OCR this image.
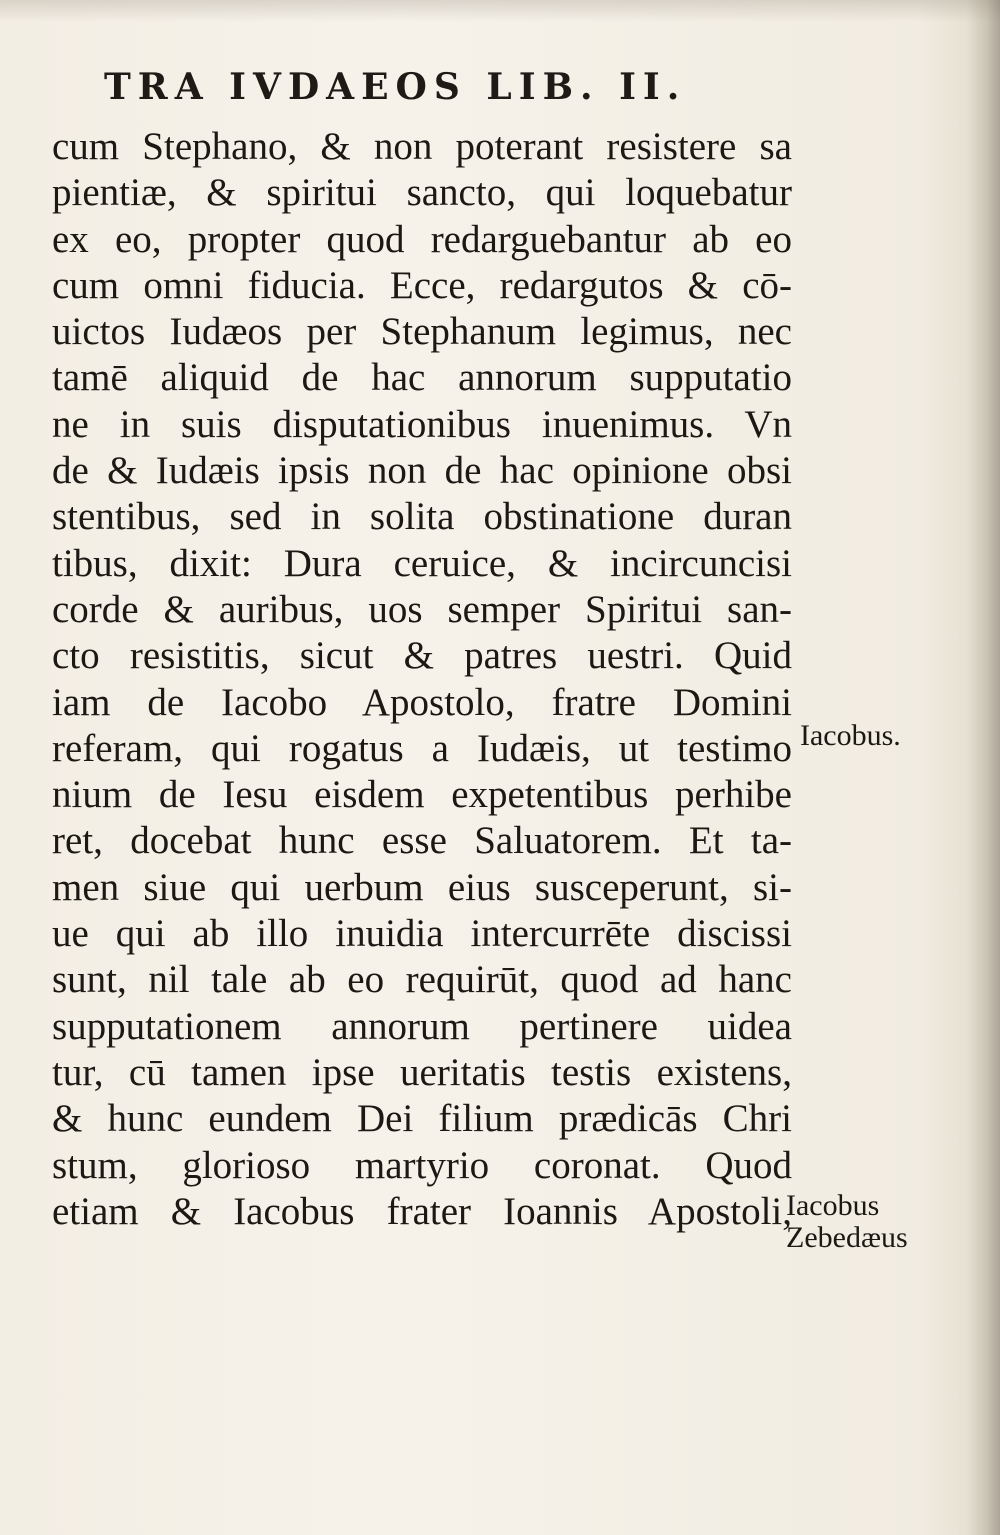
TRA IVDAEOS LIB. II.
cum Stephano, & non poterant resistere sa
pientiæ, & spiritui sancto, qui loquebatur
ex eo, propter quod redarguebantur ab eo
cum omni fiducia. Ecce, redargutos & cō-
uictos Iudæos per Stephanum legimus, nec
tamē aliquid de hac annorum supputatio
ne in suis disputationibus inuenimus. Vn
de & Iudæis ipsis non de hac opinione obsi
stentibus, sed in solita obstinatione duran
tibus, dixit: Dura ceruice, & incircuncisi
corde & auribus, uos semper Spiritui san-
cto resistitis, sicut & patres uestri. Quid
iam de Iacobo Apostolo, fratre Domini
referam, qui rogatus a Iudæis, ut testimo
nium de Iesu eisdem expetentibus perhibe
ret, docebat hunc esse Saluatorem. Et ta-
men siue qui uerbum eius susceperunt, si-
ue qui ab illo inuidia intercurrēte discissi
sunt, nil tale ab eo requirūt, quod ad hanc
supputationem annorum pertinere uidea
tur, cū tamen ipse ueritatis testis existens,
& hunc eundem Dei filium prædicās Chri
stum, glorioso martyrio coronat. Quod
etiam & Iacobus frater Ioannis Apostoli,
Iacobus.
Iacobus
Zebedæus
